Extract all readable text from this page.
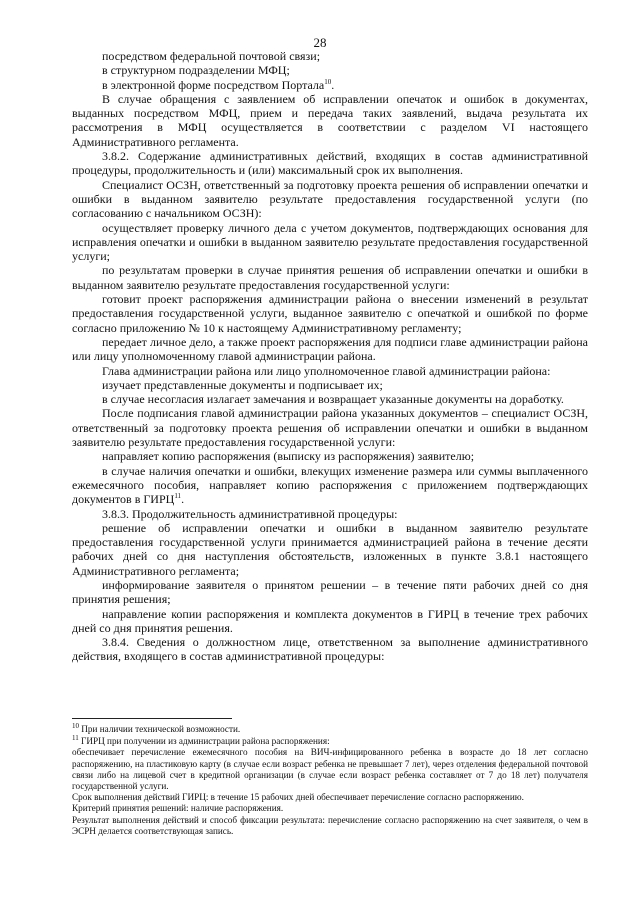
28

посредством федеральной почтовой связи;

в структурном подразделении МФЦ;

в электронной форме посредством Портала$^{10}$.

В случае обращения с заявлением об исправлении опечаток и ошибок в документах, выданных посредством МФЦ, прием и передача таких заявлений, выдача результата их рассмотрения в МФЦ осуществляется в соответствии с разделом VI настоящего Административного регламента.

3.8.2. Содержание административных действий, входящих в состав административной процедуры, продолжительность и (или) максимальный срок их выполнения.

Специалист ОСЗН, ответственный за подготовку проекта решения об исправлении опечатки и ошибки в выданном заявителю результате предоставления государственной услуги (по согласованию с начальником ОСЗН):

осуществляет проверку личного дела с учетом документов, подтверждающих основания для исправления опечатки и ошибки в выданном заявителю результате предоставления государственной услуги;

по результатам проверки в случае принятия решения об исправлении опечатки и ошибки в выданном заявителю результате предоставления государственной услуги:

готовит проект распоряжения администрации района о внесении изменений в результат предоставления государственной услуги, выданное заявителю с опечаткой и ошибкой по форме согласно приложению № 10 к настоящему Административному регламенту;

передает личное дело, а также проект распоряжения для подписи главе администрации района или лицу уполномоченному главой администрации района.

Глава администрации района или лицо уполномоченное главой администрации района:

изучает представленные документы и подписывает их;

в случае несогласия излагает замечания и возвращает указанные документы на доработку.

После подписания главой администрации района указанных документов – специалист ОСЗН, ответственный за подготовку проекта решения об исправлении опечатки и ошибки в выданном заявителю результате предоставления государственной услуги:

направляет копию распоряжения (выписку из распоряжения) заявителю;

в случае наличия опечатки и ошибки, влекущих изменение размера или суммы выплаченного ежемесячного пособия, направляет копию распоряжения с приложением подтверждающих документов в ГИРЦ$^{11}$.

3.8.3. Продолжительность административной процедуры:

решение об исправлении опечатки и ошибки в выданном заявителю результате предоставления государственной услуги принимается администрацией района в течение десяти рабочих дней со дня наступления обстоятельств, изложенных в пункте 3.8.1 настоящего Административного регламента;

информирование заявителя о принятом решении – в течение пяти рабочих дней со дня принятия решения;

направление копии распоряжения и комплекта документов в ГИРЦ в течение трех рабочих дней со дня принятия решения.

3.8.4. Сведения о должностном лице, ответственном за выполнение административного действия, входящего в состав административной процедуры:

$^{10}$ При наличии технической возможности.

$^{11}$ ГИРЦ при получении из администрации района распоряжения:

обеспечивает перечисление ежемесячного пособия на ВИЧ-инфицированного ребенка в возрасте до 18 лет согласно распоряжению, на пластиковую карту (в случае если возраст ребенка не превышает 7 лет), через отделения федеральной почтовой связи либо на лицевой счет в кредитной организации (в случае если возраст ребенка составляет от 7 до 18 лет) получателя государственной услуги.

Срок выполнения действий ГИРЦ: в течение 15 рабочих дней обеспечивает перечисление согласно распоряжению.

Критерий принятия решений: наличие распоряжения.

Результат выполнения действий и способ фиксации результата: перечисление согласно распоряжению на счет заявителя, о чем в ЭСРН делается соответствующая запись.
